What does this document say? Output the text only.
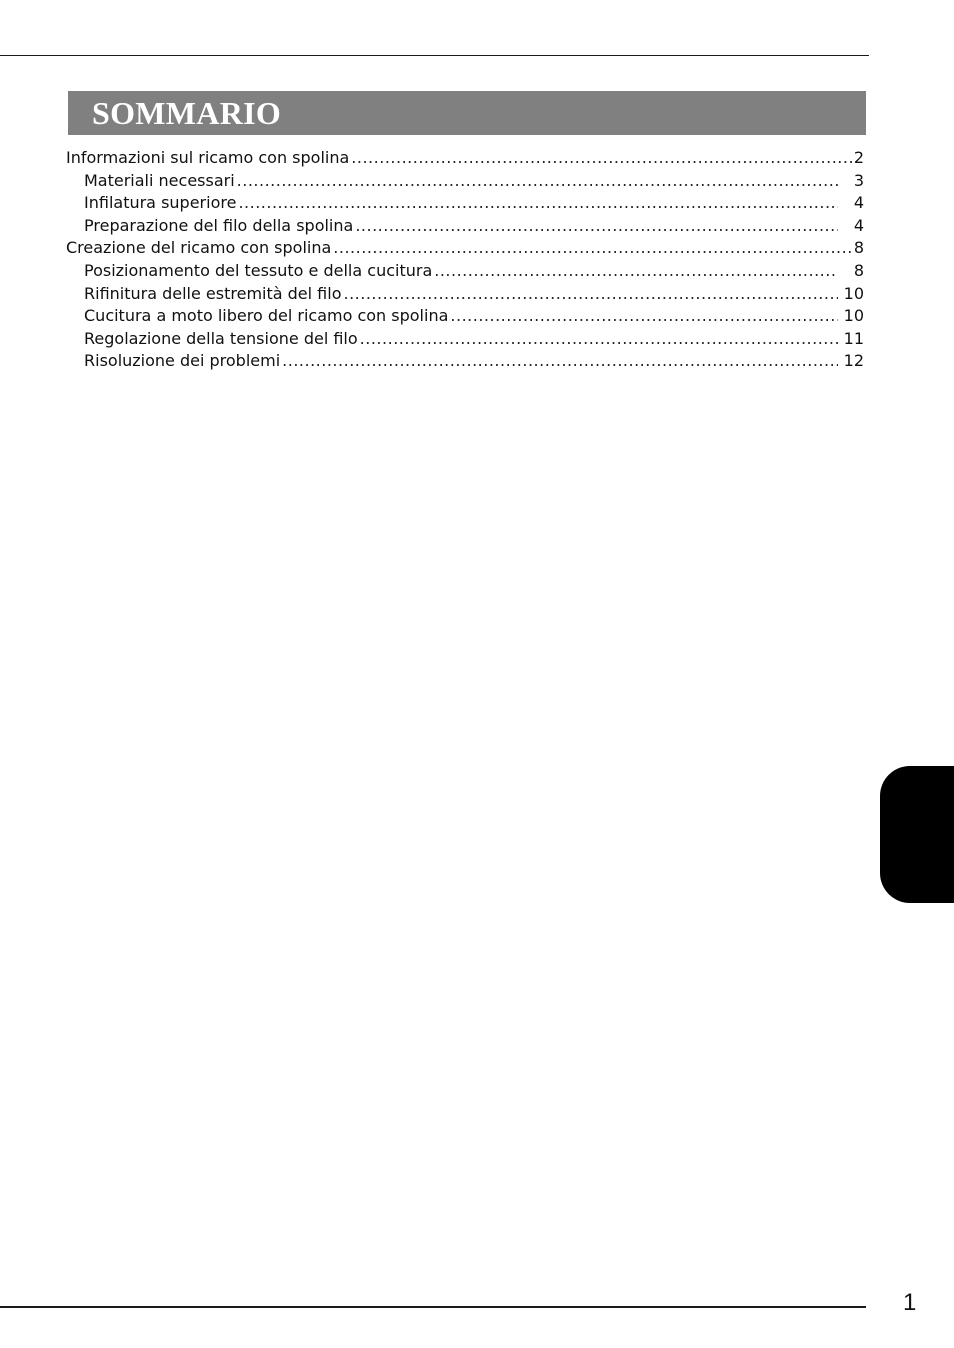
SOMMARIO
Informazioni sul ricamo con spolina .....	2
Materiali necessari .....	3
Infilatura superiore .....	4
Preparazione del filo della spolina .....	4
Creazione del ricamo con spolina .....	8
Posizionamento del tessuto e della cucitura .....	8
Rifinitura delle estremità del filo .....	10
Cucitura a moto libero del ricamo con spolina .....	10
Regolazione della tensione del filo .....	11
Risoluzione dei problemi .....	12
1
